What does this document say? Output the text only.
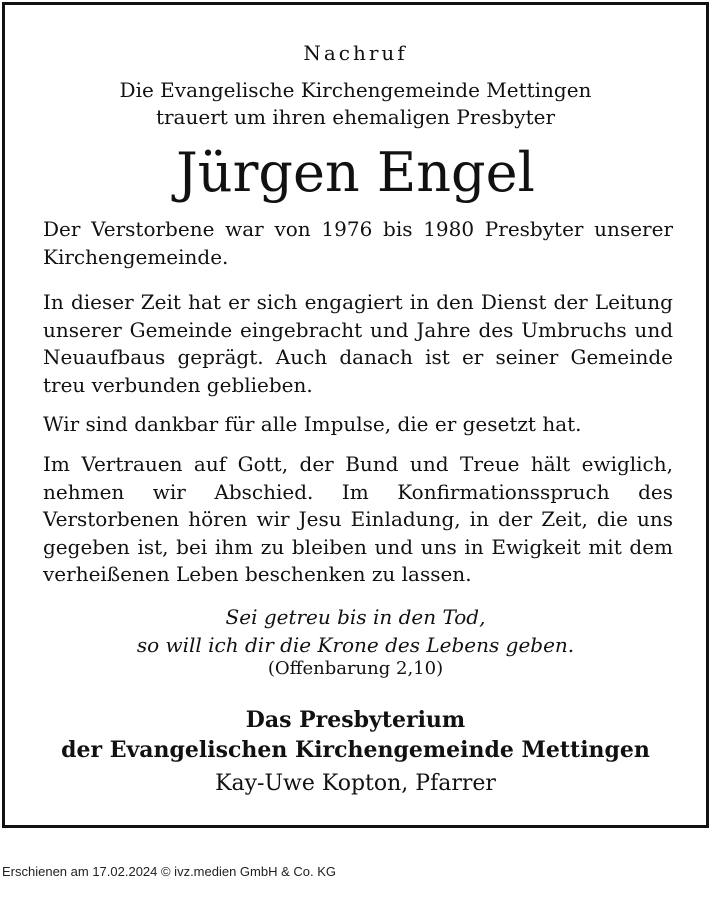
Nachruf
Die Evangelische Kirchengemeinde Mettingen
trauert um ihren ehemaligen Presbyter
Jürgen Engel
Der Verstorbene war von 1976 bis 1980 Presbyter unserer Kirchengemeinde.
In dieser Zeit hat er sich engagiert in den Dienst der Leitung unserer Gemeinde eingebracht und Jahre des Umbruchs und Neuaufbaus geprägt. Auch danach ist er seiner Gemeinde treu verbunden geblieben.
Wir sind dankbar für alle Impulse, die er gesetzt hat.
Im Vertrauen auf Gott, der Bund und Treue hält ewiglich, nehmen wir Abschied. Im Konfirmationsspruch des Verstorbenen hören wir Jesu Einladung, in der Zeit, die uns gegeben ist, bei ihm zu bleiben und uns in Ewigkeit mit dem verheißenen Leben beschenken zu lassen.
Sei getreu bis in den Tod,
so will ich dir die Krone des Lebens geben.
(Offenbarung 2,10)
Das Presbyterium
der Evangelischen Kirchengemeinde Mettingen
Kay-Uwe Kopton, Pfarrer
Erschienen am 17.02.2024 © ivz.medien GmbH & Co. KG
